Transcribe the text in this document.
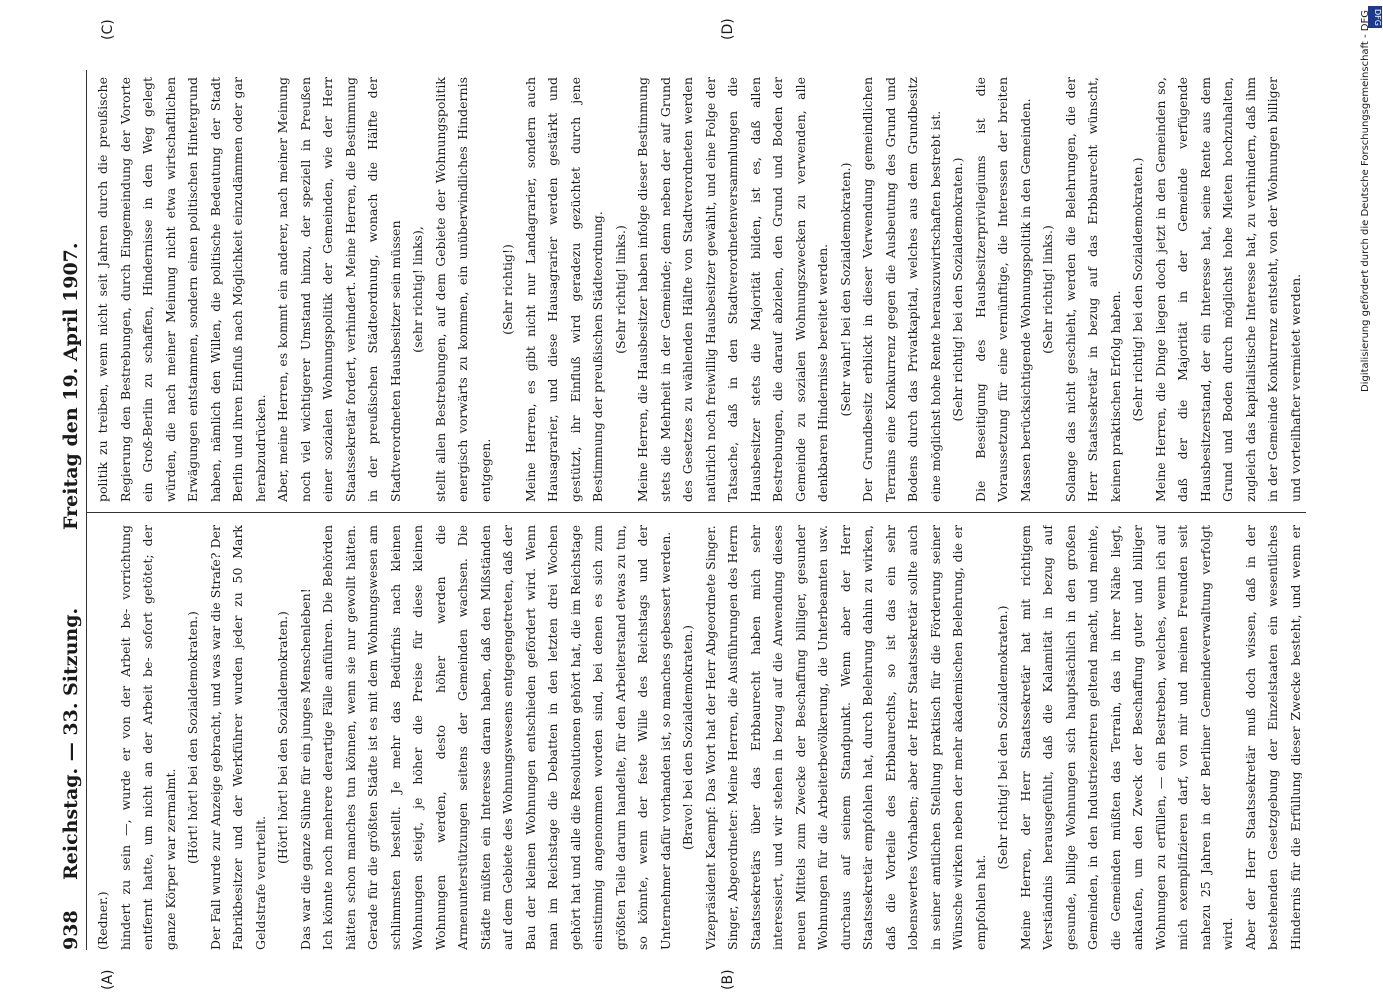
938
Reichstag. — 33. Sitzung.
Freitag den 19. April 1907.
(A)	(B)
(C)	(D)

(Redner.) hindert zu sein —, wurde er von der Arbeit be- vorrichtung entfernt hatte, um nicht an der Arbeit be- sofort getötet; der ganze Körper war zermalmt. (Hört! hört! bei den Sozialdemokraten.) Der Fall wurde zur Anzeige gebracht, und was war die Strafe? Der Fabrikbesitzer und der Werkführer wurden jeder zu 50 Mark Geldstrafe verurteilt.

(Hört! hört! bei den Sozialdemokraten.) Das war die ganze Sühne für ein junges Menschenleben! Ich könnte noch mehrere derartige Fälle anführen. Die Behörden hätten schon manches tun können, wenn sie nur gewollt hätten. Gerade für die größten Städte ist es mit dem Wohnungswesen am schlimmsten bestellt. Je mehr das Bedürfnis nach kleinen Wohnungen steigt, je höher die Preise für diese kleinen Wohnungen werden, desto höher werden die Armenunterstützungen seitens der Gemeinden wachsen. Die Städte müßten ein Interesse daran haben, daß den Mißständen auf dem Gebiete des Wohnungswesens entgegengetreten, daß der Bau der kleinen Wohnungen entschieden gefördert wird. Wenn man im Reichstage die Debatten in den letzten drei Wochen gehört hat und alle die Resolutionen gehört hat, die im Reichstage einstimmig angenommen worden sind, bei denen es sich zum größten Teile darum handelte, für den Arbeiterstand etwas zu tun, so könnte, wenn der feste Wille des Reichstags und der Unternehmer dafür vorhanden ist, so manches gebessert werden. (Bravo! bei den Sozialdemokraten.) Vizepräsident Kaempf: Das Wort hat der Herr Abgeordnete Singer. Singer, Abgeordneter: Meine Herren, die Ausführungen des Herrn Staatssekretärs über das Erbbaurecht haben mich sehr interessiert, und wir stehen in bezug auf die Anwendung dieses neuen Mittels zum Zwecke der Beschaffung billiger, gesunder Wohnungen für die Arbeiterbevölkerung, die Unterbeamten usw. durchaus auf seinem Standpunkt. Wenn aber der Herr Staatssekretär empfohlen hat, durch Belehrung dahin zu wirken, daß die Vorteile des Erbbaurechts, so ist das ein sehr lobenswertes Vorhaben; aber der Herr Staatssekretär sollte auch in seiner amtlichen Stellung praktisch für die Förderung seiner Wünsche wirken neben der mehr akademischen Belehrung, die er empfohlen hat.

(Sehr richtig! bei den Sozialdemokraten.) Meine Herren, der Herr Staatssekretär hat mit richtigem Verständnis herausgefühlt, daß die Kalamität in bezug auf gesunde, billige Wohnungen sich hauptsächlich in den großen Gemeinden, in den Industriezentren geltend macht, und meinte, die Gemeinden müßten das Terrain, das in ihrer Nähe liegt, ankaufen, um den Zweck der Beschaffung guter und billiger Wohnungen zu erfüllen, — ein Bestreben, welches, wenn ich auf mich exemplifizieren darf, von mir und meinen Freunden seit nahezu 25 Jahren in der Berliner Gemeindeverwaltung verfolgt wird. Aber der Herr Staatssekretär muß doch wissen, daß in der bestehenden Gesetzgebung der Einzelstaaten ein wesentliches Hindernis für die Erfüllung dieser Zwecke besteht, und wenn er

politik zu treiben, wenn nicht seit Jahren durch die preußische Regierung den Bestrebungen, durch Eingemeindung der Vororte ein Groß-Berlin zu schaffen, Hindernisse in den Weg gelegt würden, die nach meiner Meinung nicht etwa wirtschaftlichen Erwägungen entstammen, sondern einen politischen Hintergrund haben, nämlich den Willen, die politische Bedeutung der Stadt Berlin und ihren Einfluß nach Möglichkeit einzudämmen oder gar herabzudrücken. Aber, meine Herren, es kommt ein anderer, nach meiner Meinung noch viel wichtigerer Umstand hinzu, der speziell in Preußen einer sozialen Wohnungspolitik der Gemeinden, wie der Herr Staatssekretär fordert, verhindert. Meine Herren, die Bestimmung in der preußischen Städteordnung, wonach die Hälfte der Stadtverordneten Hausbesitzer sein müssen (sehr richtig! links), stellt allen Bestrebungen, auf dem Gebiete der Wohnungspolitik energisch vorwärts zu kommen, ein unüberwindliches Hindernis entgegen.

(Sehr richtig!) Meine Herren, es gibt nicht nur Landagrarier, sondern auch Hausagrarier, und diese Hausagrarier werden gestärkt und gestützt, ihr Einfluß wird geradezu gezüchtet durch jene Bestimmung der preußischen Städteordnung. (Sehr richtig! links.) Meine Herren, die Hausbesitzer haben infolge dieser Bestimmung stets die Mehrheit in der Gemeinde; denn neben der auf Grund des Gesetzes zu wählenden Hälfte von Stadtverordneten werden natürlich noch freiwillig Hausbesitzer gewählt, und eine Folge der Tatsache, daß in den Stadtverordnetenversammlungen die Hausbesitzer stets die Majorität bilden, ist es, daß allen Bestrebungen, die darauf abzielen, den Grund und Boden der Gemeinde zu sozialen Wohnungszwecken zu verwenden, alle denkbaren Hindernisse bereitet werden. (Sehr wahr! bei den Sozialdemokraten.) Der Grundbesitz erblickt in dieser Verwendung gemeindlichen Terrains eine Konkurrenz gegen die Ausbeutung des Grund und Bodens durch das Privatkapital, welches aus dem Grundbesitz eine möglichst hohe Rente herauszuwirtschaften bestrebt ist. (Sehr richtig! bei den Sozialdemokraten.) Die Beseitigung des Hausbesitzerprivilegiums ist die Voraussetzung für eine vernünftige, die Interessen der breiten Massen berücksichtigende Wohnungspolitik in den Gemeinden. (Sehr richtig! links.) Solange das nicht geschieht, werden die Belehrungen, die der Herr Staatssekretär in bezug auf das Erbbaurecht wünscht, keinen praktischen Erfolg haben. (Sehr richtig! bei den Sozialdemokraten.) Meine Herren, die Dinge liegen doch jetzt in den Gemeinden so, daß der die Majorität in der Gemeinde verfügende Hausbesitzerstand, der ein Interesse hat, seine Rente aus dem Grund und Boden durch möglichst hohe Mieten hochzuhalten, zugleich das kapitalistische Interesse hat, zu verhindern, daß ihm in der Gemeinde Konkurrenz entsteht, von der Wohnungen billiger und vorteilhafter vermietet werden.

DFG
Digitalisierung gefördert durch die Deutsche Forschungsgemeinschaft - DFG
